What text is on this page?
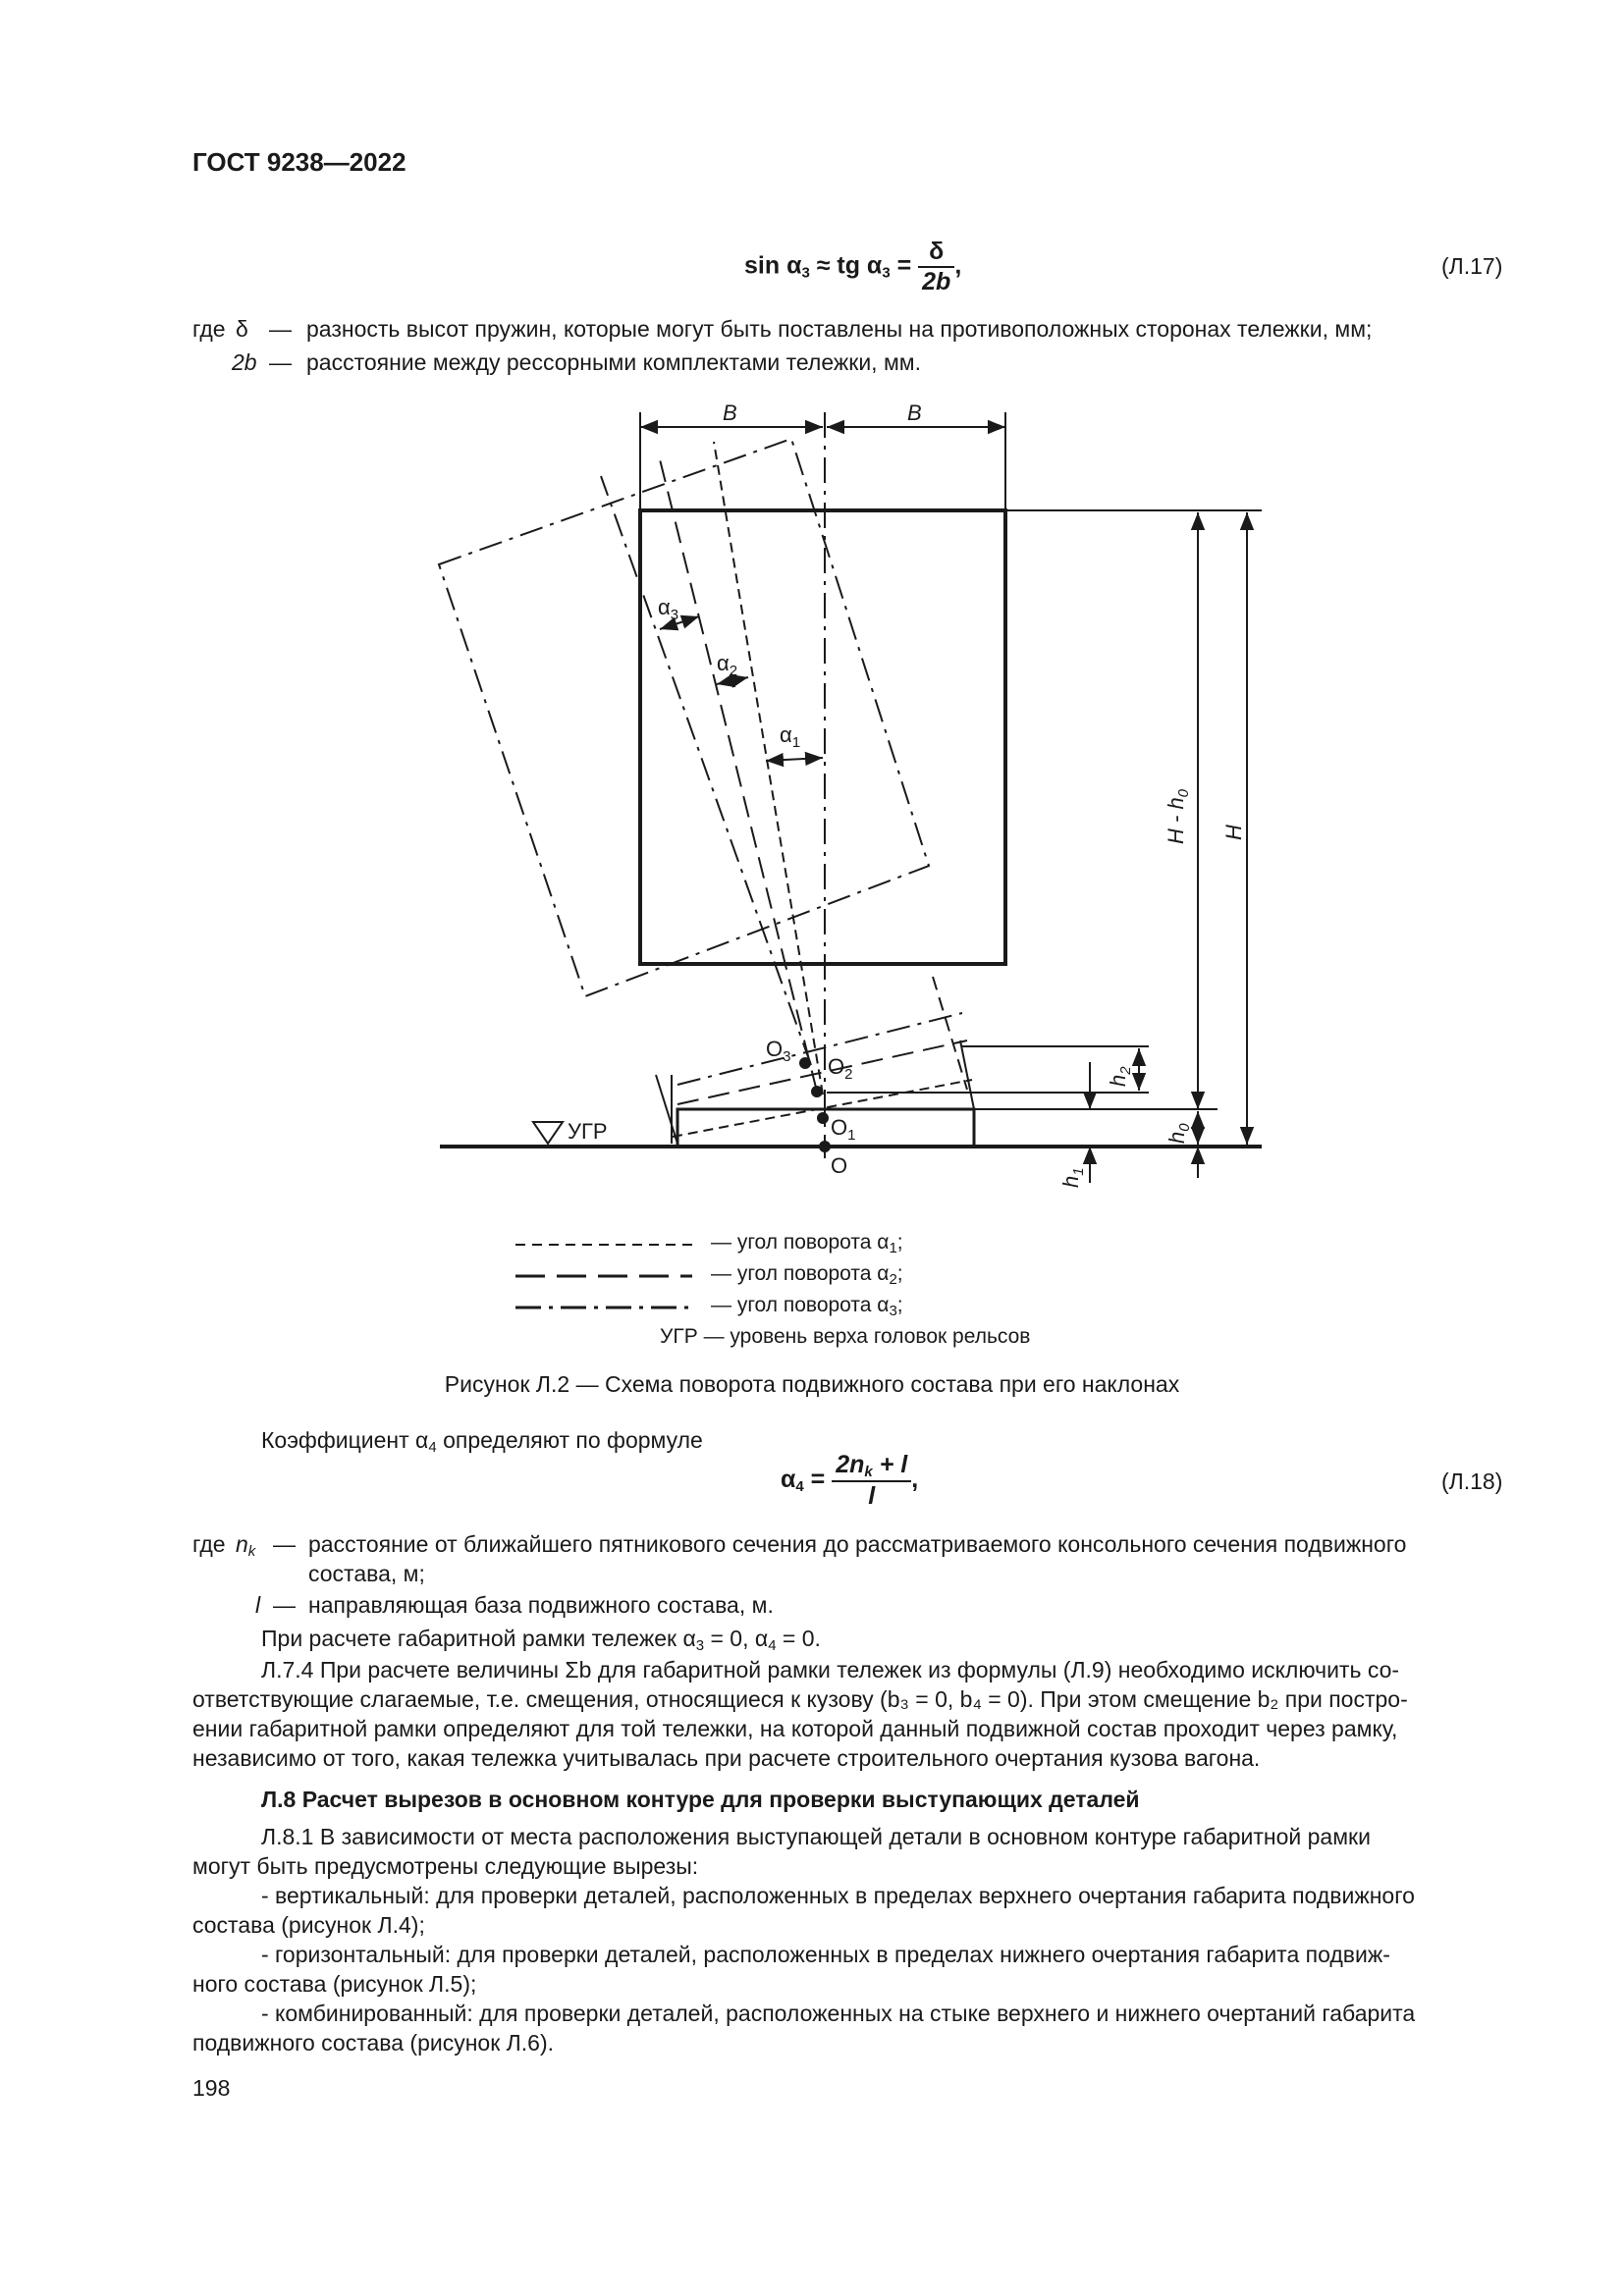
ГОСТ 9238—2022
$\sin \alpha_3$ ≈ tg $\alpha_3 = \frac{\delta}{2b}$ ,	(Л.17)
где δ — разность высот пружин, которые могут быть поставлены на противоположных сторонах тележки, мм;
2b — расстояние между рессорными комплектами тележки, мм.
B	B
$\alpha_3$
$\alpha_2$
$\alpha_1$
H - $h_0$
H
$h_2$
$h_0$
$h_1$
$O_3$ $O_2$
$O_1$
O
УГР
— угол поворота $\alpha_1$;
— угол поворота $\alpha_2$;
— угол поворота $\alpha_3$;
УГР — уровень верха головок рельсов
Рисунок Л.2 — Схема поворота подвижного состава при его наклонах
Коэффициент $\alpha_4$ определяют по формуле
$\alpha_4 = \frac{2n_k + l}{l}$ ,	(Л.18)
где $n_k$ — расстояние от ближайшего пятникового сечения до рассматриваемого консольного сечения подвижного
состава, м;
l — направляющая база подвижного состава, м.
При расчете габаритной рамки тележек $\alpha_3 = 0$, $\alpha_4 = 0$.
Л.7.4 При расчете величины Σb для габаритной рамки тележек из формулы (Л.9) необходимо исключить со-
ответствующие слагаемые, т.е. смещения, относящиеся к кузову (b₃ = 0, b₄ = 0). При этом смещение b₂ при постро-
ении габаритной рамки определяют для той тележки, на которой данный подвижной состав проходит через рамку,
независимо от того, какая тележка учитывалась при расчете строительного очертания кузова вагона.
Л.8 Расчет вырезов в основном контуре для проверки выступающих деталей
Л.8.1 В зависимости от места расположения выступающей детали в основном контуре габаритной рамки
могут быть предусмотрены следующие вырезы:
- вертикальный: для проверки деталей, расположенных в пределах верхнего очертания габарита подвижного
состава (рисунок Л.4);
- горизонтальный: для проверки деталей, расположенных в пределах нижнего очертания габарита подвиж-
ного состава (рисунок Л.5);
- комбинированный: для проверки деталей, расположенных на стыке верхнего и нижнего очертаний габарита
подвижного состава (рисунок Л.6).
198
